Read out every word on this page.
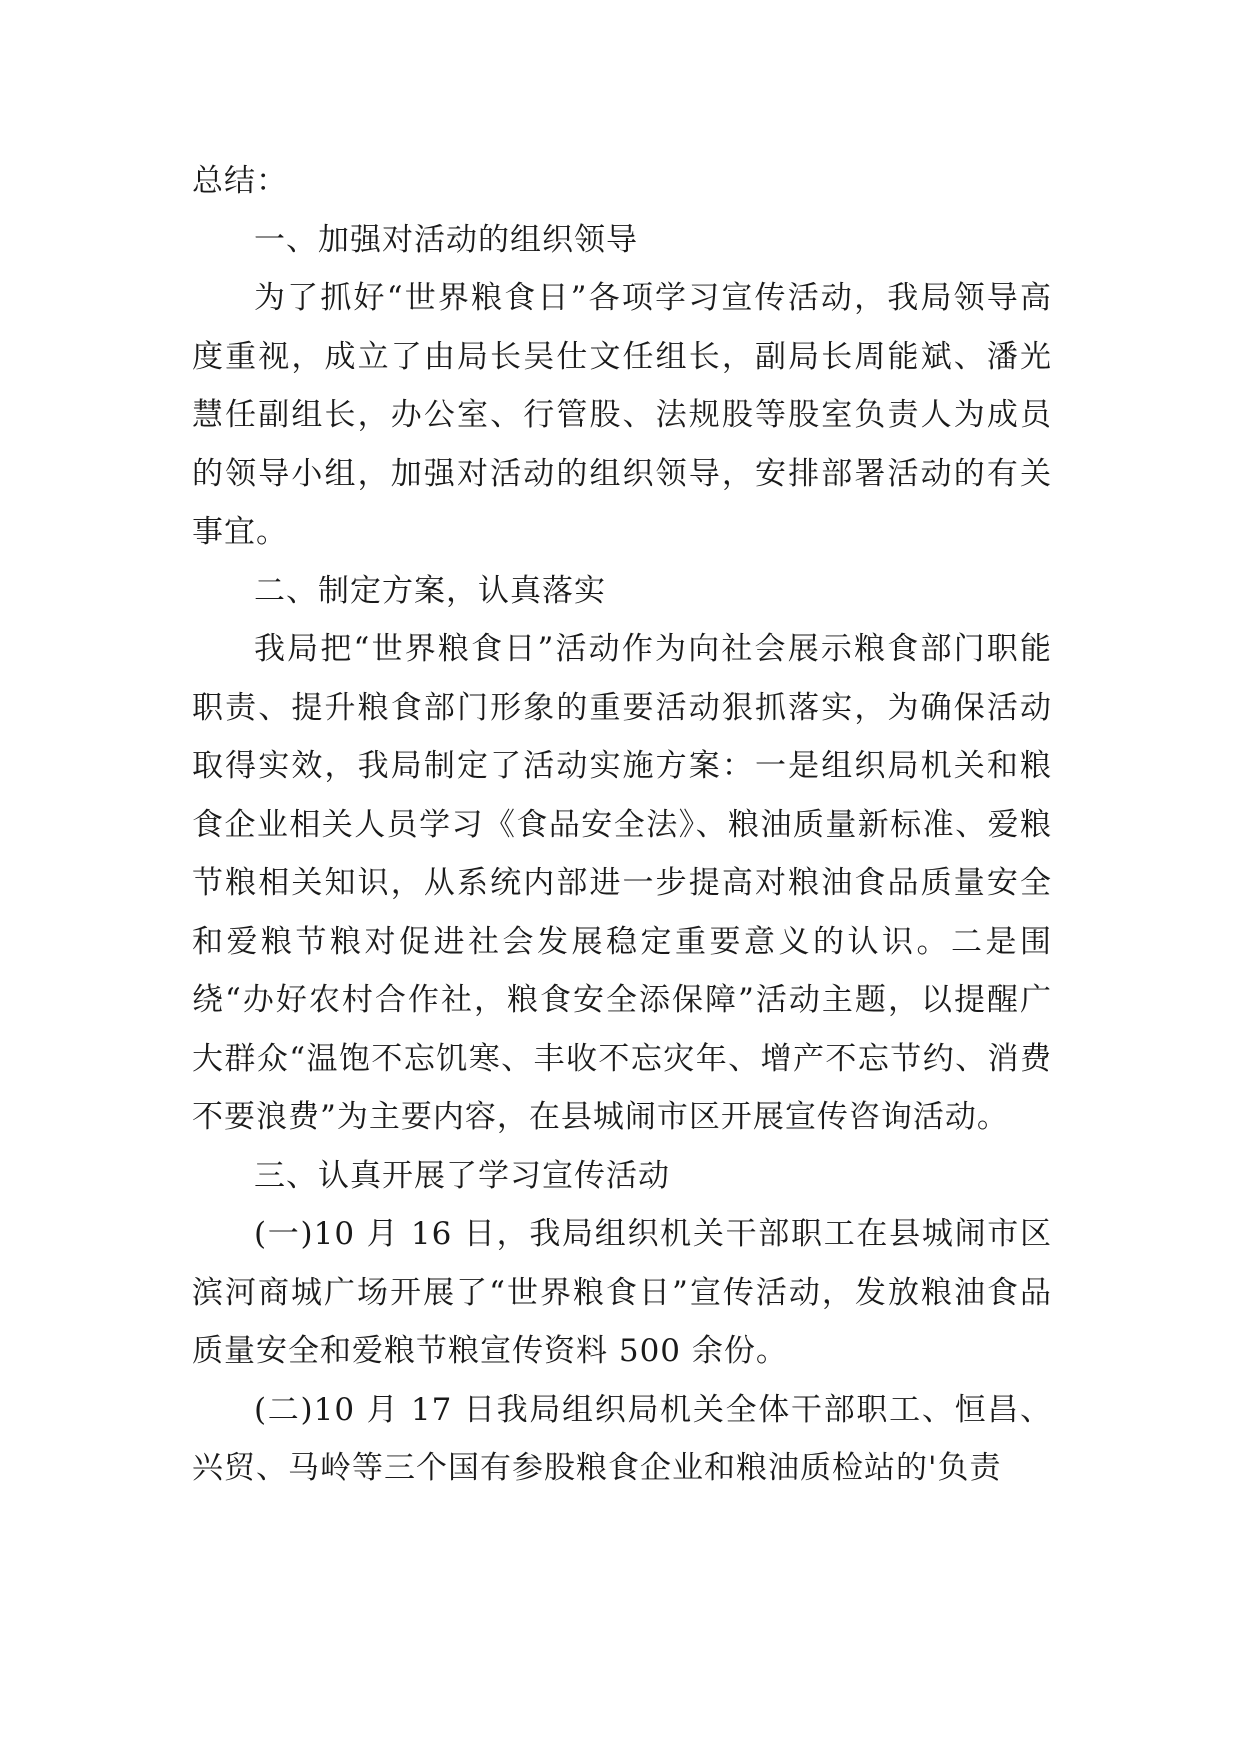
总结：

一、加强对活动的组织领导

为了抓好“世界粮食日”各项学习宣传活动，我局领导高度重视，成立了由局长吴仕文任组长，副局长周能斌、潘光慧任副组长，办公室、行管股、法规股等股室负责人为成员的领导小组，加强对活动的组织领导，安排部署活动的有关事宜。

二、制定方案，认真落实

我局把“世界粮食日”活动作为向社会展示粮食部门职能职责、提升粮食部门形象的重要活动狠抓落实，为确保活动取得实效，我局制定了活动实施方案：一是组织局机关和粮食企业相关人员学习《食品安全法》、粮油质量新标准、爱粮节粮相关知识，从系统内部进一步提高对粮油食品质量安全和爱粮节粮对促进社会发展稳定重要意义的认识。二是围绕“办好农村合作社，粮食安全添保障”活动主题，以提醒广大群众“温饱不忘饥寒、丰收不忘灾年、增产不忘节约、消费不要浪费”为主要内容，在县城闹市区开展宣传咨询活动。

三、认真开展了学习宣传活动

(一)10 月 16 日，我局组织机关干部职工在县城闹市区滨河商城广场开展了“世界粮食日”宣传活动，发放粮油食品质量安全和爱粮节粮宣传资料 500 余份。

(二)10 月 17 日我局组织局机关全体干部职工、恒昌、兴贸、马岭等三个国有参股粮食企业和粮油质检站的'负责
